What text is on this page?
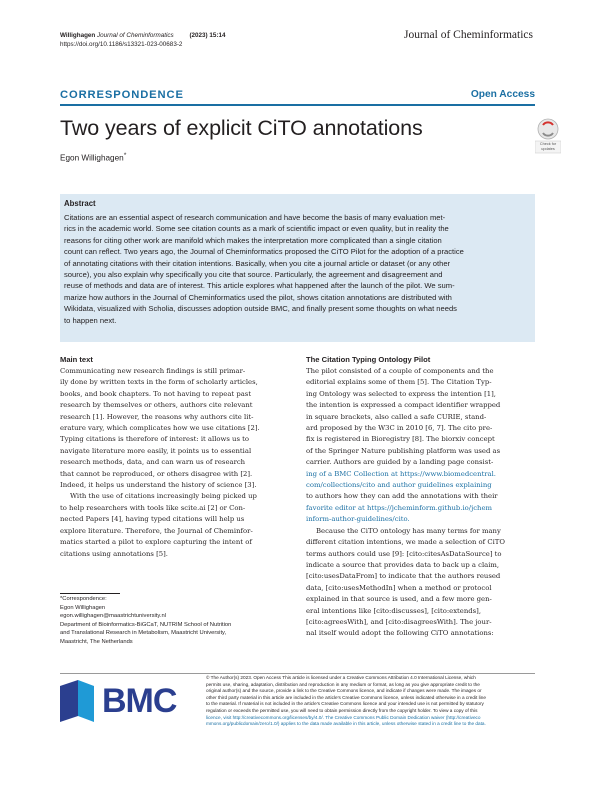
Willighagen Journal of Cheminformatics	(2023) 15:14
https://doi.org/10.1186/s13321-023-00683-2
Journal of Cheminformatics
CORRESPONDENCE	Open Access
Two years of explicit CiTO annotations
Egon Willighagen*
Check for updates
Abstract
Citations are an essential aspect of research communication and have become the basis of many evaluation met-
rics in the academic world. Some see citation counts as a mark of scientific impact or even quality, but in reality the
reasons for citing other work are manifold which makes the interpretation more complicated than a single citation
count can reflect. Two years ago, the Journal of Cheminformatics proposed the CiTO Pilot for the adoption of a practice
of annotating citations with their citation intentions. Basically, when you cite a journal article or dataset (or any other
source), you also explain why specifically you cite that source. Particularly, the agreement and disagreement and
reuse of methods and data are of interest. This article explores what happened after the launch of the pilot. We sum-
marize how authors in the Journal of Cheminformatics used the pilot, shows citation annotations are distributed with
Wikidata, visualized with Scholia, discusses adoption outside BMC, and finally present some thoughts on what needs
to happen next.
Main text
Communicating new research findings is still primar-
ily done by written texts in the form of scholarly articles,
books, and book chapters. To not having to repeat past
research by themselves or others, authors cite relevant
research [1]. However, the reasons why authors cite lit-
erature vary, which complicates how we use citations [2].
Typing citations is therefore of interest: it allows us to
navigate literature more easily, it points us to essential
research methods, data, and can warn us of research
that cannot be reproduced, or others disagree with [2].
Indeed, it helps us understand the history of science [3].
With the use of citations increasingly being picked up
to help researchers with tools like scite.ai [2] or Con-
nected Papers [4], having typed citations will help us
explore literature. Therefore, the Journal of Cheminfor-
matics started a pilot to explore capturing the intent of
citations using annotations [5].
*Correspondence:
Egon Willighagen
egon.willighagen@maastrichtuniversity.nl
Department of Bioinformatics-BiGCaT, NUTRIM School of Nutrition
and Translational Research in Metabolism, Maastricht University,
Maastricht, The Netherlands
The Citation Typing Ontology Pilot
The pilot consisted of a couple of components and the
editorial explains some of them [5]. The Citation Typ-
ing Ontology was selected to express the intention [1],
the intention is expressed a compact identifier wrapped
in square brackets, also called a safe CURIE, stand-
ard proposed by the W3C in 2010 [6, 7]. The cito pre-
fix is registered in Bioregistry [8]. The biorxiv concept
of the Springer Nature publishing platform was used as
carrier. Authors are guided by a landing page consist-
ing of a BMC Collection at https://www.biomedcentral.
com/collections/cito and author guidelines explaining
to authors how they can add the annotations with their
favorite editor at https://jcheminform.github.io/jchem
inform-author-guidelines/cito.
Because the CiTO ontology has many terms for many
different citation intentions, we made a selection of CiTO
terms authors could use [9]: [cito:citesAsDataSource] to
indicate a source that provides data to back up a claim,
[cito:usesDataFrom] to indicate that the authors reused
data, [cito:usesMethodIn] when a method or protocol
explained in that source is used, and a few more gen-
eral intentions like [cito:discusses], [cito:extends],
[cito:agreesWith], and [cito:disagreesWith]. The jour-
nal itself would adopt the following CiTO annotations:
BMC
© The Author(s) 2023. Open Access This article is licensed under a Creative Commons Attribution 4.0 International License, which
permits use, sharing, adaptation, distribution and reproduction in any medium or format, as long as you give appropriate credit to the
original author(s) and the source, provide a link to the Creative Commons licence, and indicate if changes were made. The images or
other third party material in this article are included in the article's Creative Commons licence, unless indicated otherwise in a credit line
to the material. If material is not included in the article's Creative Commons licence and your intended use is not permitted by statutory
regulation or exceeds the permitted use, you will need to obtain permission directly from the copyright holder. To view a copy of this
licence, visit http://creativecommons.org/licenses/by/4.0/. The Creative Commons Public Domain Dedication waiver (http://creativeco
mmons.org/publicdomain/zero/1.0/) applies to the data made available in this article, unless otherwise stated in a credit line to the data.
